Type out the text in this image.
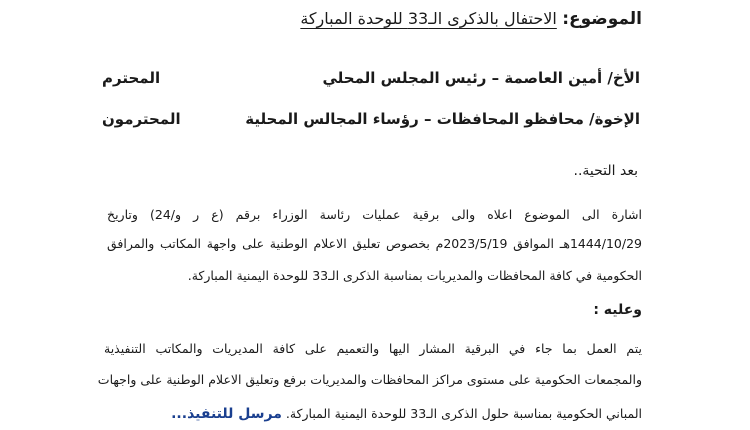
الموضوع: الاحتفال بالذكرى الـ33 للوحدة المباركة
الأخ/ أمين العاصمة – رئيس المجلس المحلي
المحترم
الإخوة/ محافظو المحافظات – رؤساء المجالس المحلية
المحترمون
بعد التحية..
اشارة الى الموضوع اعلاه والى برقية عمليات رئاسة الوزراء برقم (ع ر و/24) وتاريخ
1444/10/29هـ الموافق 2023/5/19م بخصوص تعليق الاعلام الوطنية على واجهة المكاتب والمرافق
الحكومية في كافة المحافظات والمديريات بمناسبة الذكرى الـ33 للوحدة اليمنية المباركة.
وعليه :
يتم العمل بما جاء في البرقية المشار اليها والتعميم على كافة المديريات والمكاتب التنفيذية
والمجمعات الحكومية على مستوى مراكز المحافظات والمديريات برفع وتعليق الاعلام الوطنية على واجهات
المباني الحكومية بمناسبة حلول الذكرى الـ33 للوحدة اليمنية المباركة. مرسل للتنفيذ...
